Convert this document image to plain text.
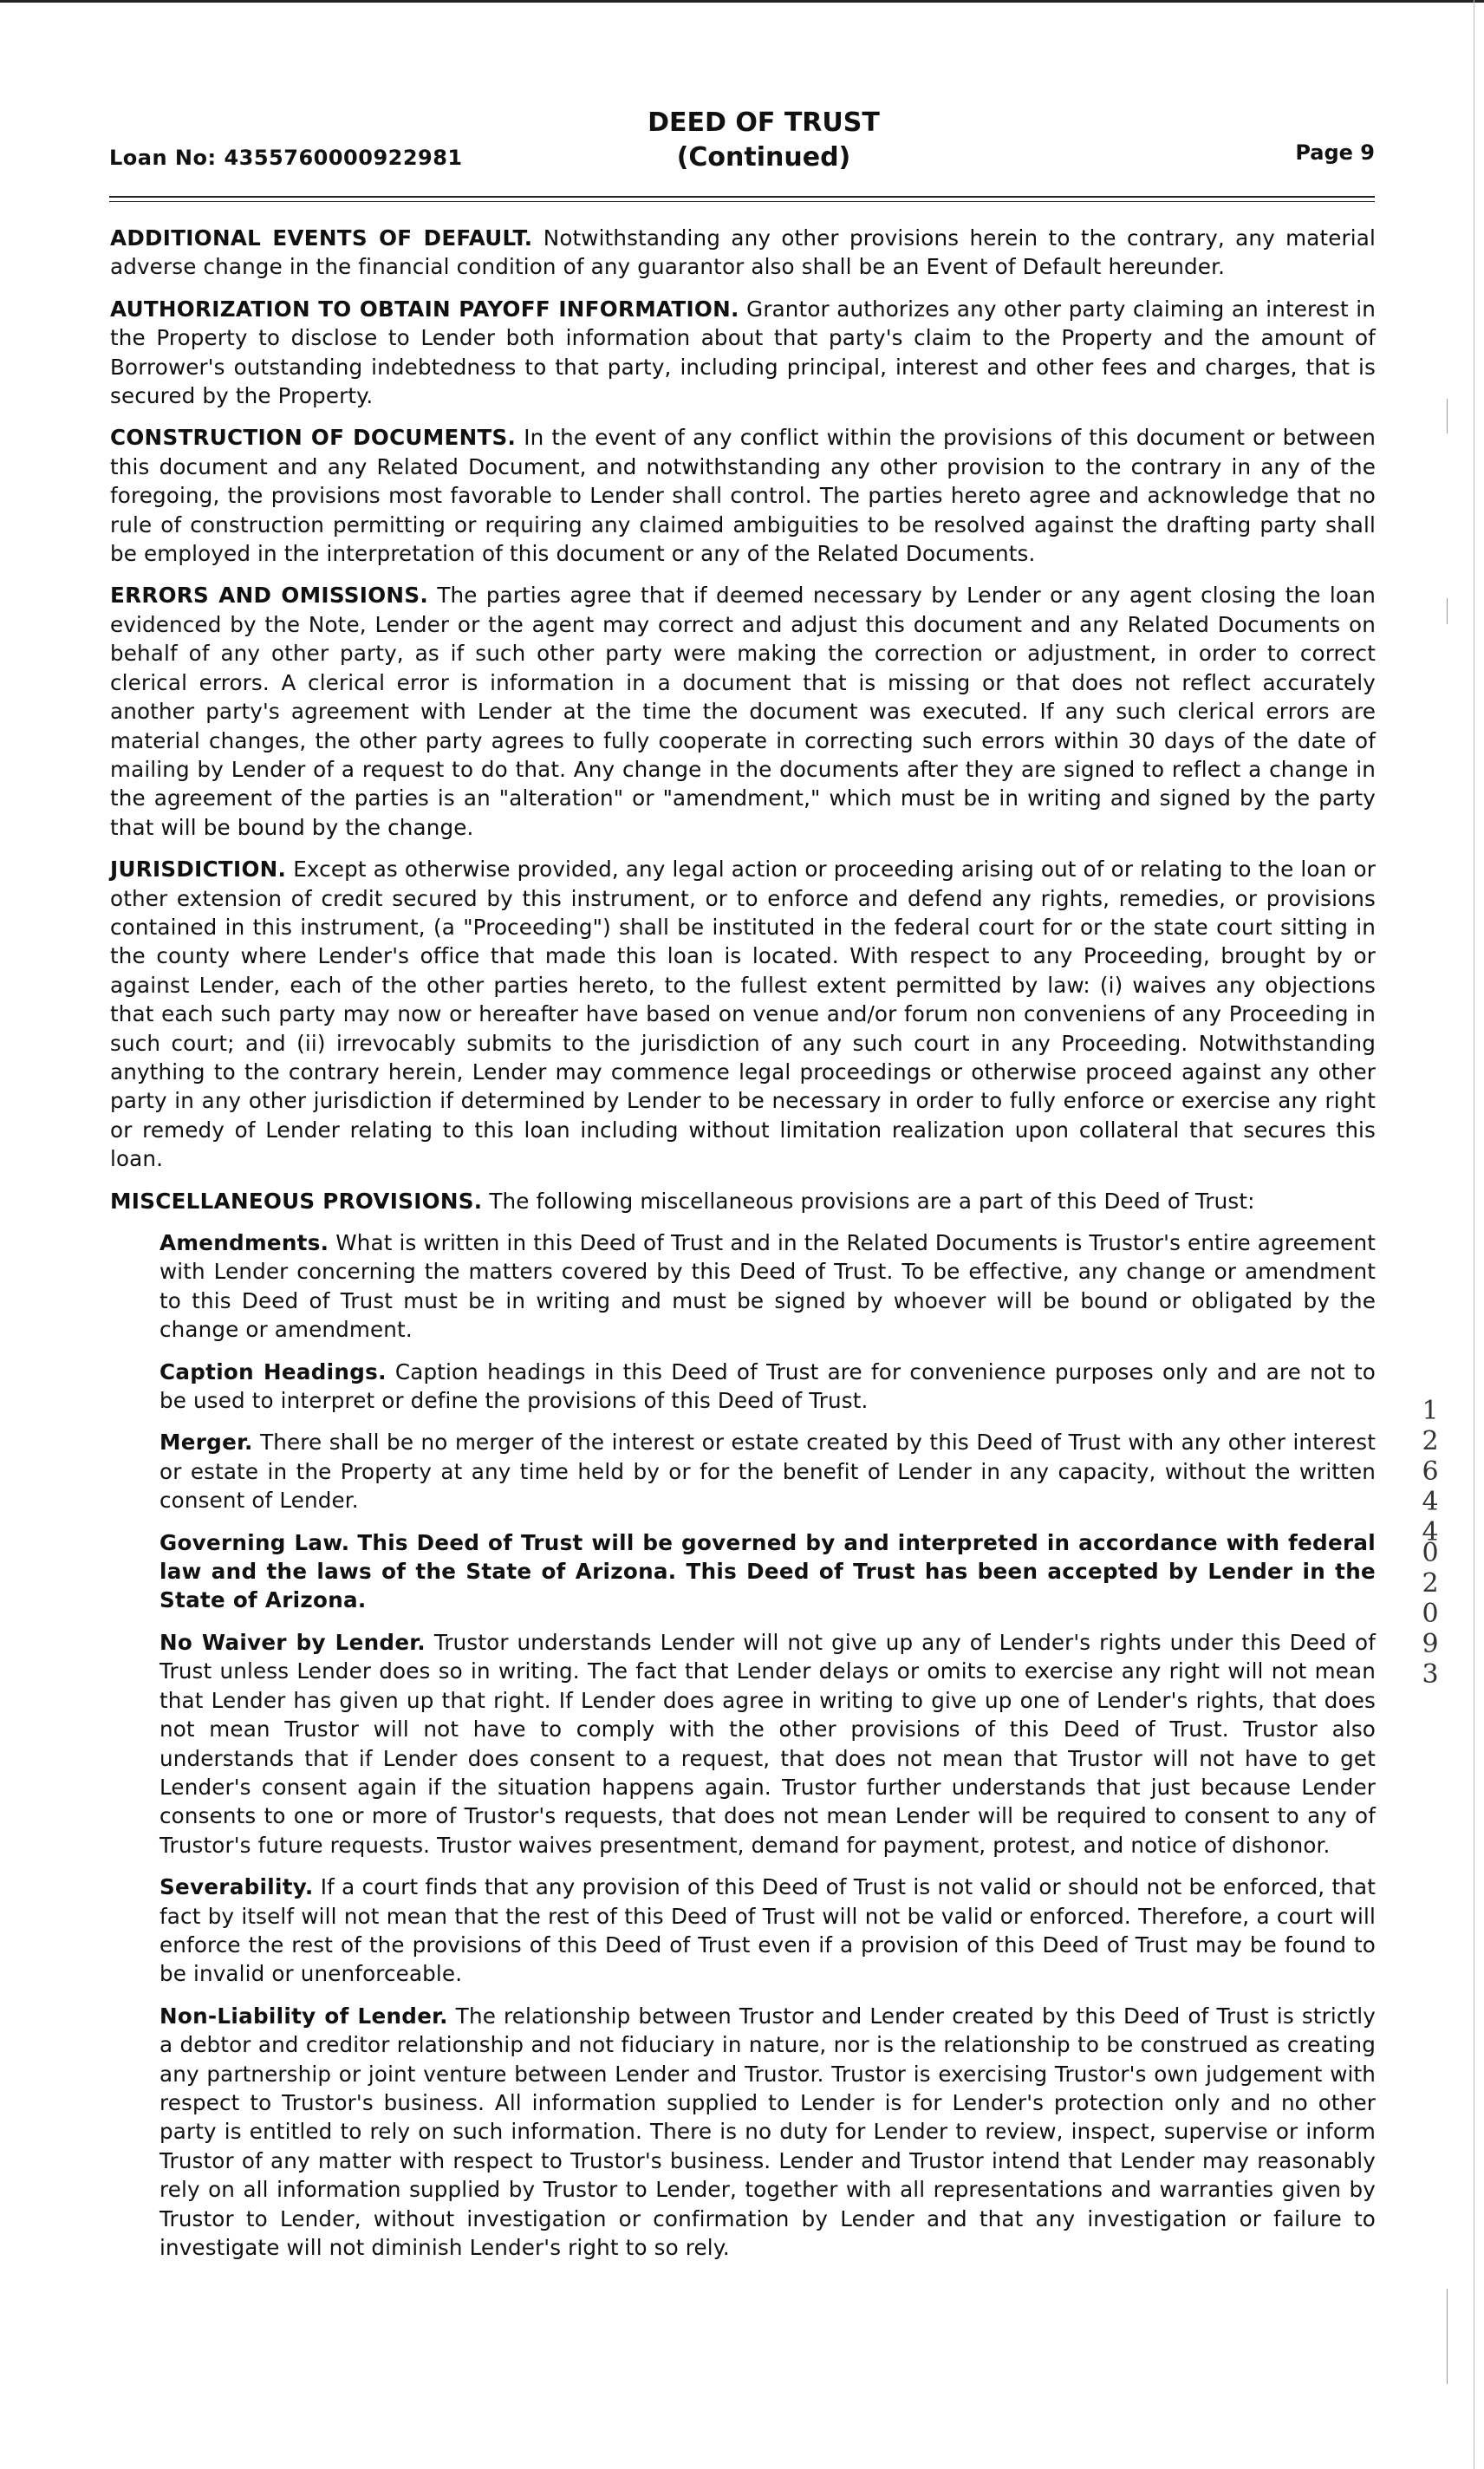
Loan No: 4355760000922981
DEED OF TRUST
(Continued)	Page 9

ADDITIONAL EVENTS OF DEFAULT. Notwithstanding any other provisions herein to the contrary, any material adverse change in the financial condition of any guarantor also shall be an Event of Default hereunder.

AUTHORIZATION TO OBTAIN PAYOFF INFORMATION. Grantor authorizes any other party claiming an interest in the Property to disclose to Lender both information about that party's claim to the Property and the amount of Borrower's outstanding indebtedness to that party, including principal, interest and other fees and charges, that is secured by the Property.

CONSTRUCTION OF DOCUMENTS. In the event of any conflict within the provisions of this document or between this document and any Related Document, and notwithstanding any other provision to the contrary in any of the foregoing, the provisions most favorable to Lender shall control. The parties hereto agree and acknowledge that no rule of construction permitting or requiring any claimed ambiguities to be resolved against the drafting party shall be employed in the interpretation of this document or any of the Related Documents.

ERRORS AND OMISSIONS. The parties agree that if deemed necessary by Lender or any agent closing the loan evidenced by the Note, Lender or the agent may correct and adjust this document and any Related Documents on behalf of any other party, as if such other party were making the correction or adjustment, in order to correct clerical errors. A clerical error is information in a document that is missing or that does not reflect accurately another party's agreement with Lender at the time the document was executed. If any such clerical errors are material changes, the other party agrees to fully cooperate in correcting such errors within 30 days of the date of mailing by Lender of a request to do that. Any change in the documents after they are signed to reflect a change in the agreement of the parties is an "alteration" or "amendment," which must be in writing and signed by the party that will be bound by the change.

JURISDICTION. Except as otherwise provided, any legal action or proceeding arising out of or relating to the loan or other extension of credit secured by this instrument, or to enforce and defend any rights, remedies, or provisions contained in this instrument, (a "Proceeding") shall be instituted in the federal court for or the state court sitting in the county where Lender's office that made this loan is located. With respect to any Proceeding, brought by or against Lender, each of the other parties hereto, to the fullest extent permitted by law: (i) waives any objections that each such party may now or hereafter have based on venue and/or forum non conveniens of any Proceeding in such court; and (ii) irrevocably submits to the jurisdiction of any such court in any Proceeding. Notwithstanding anything to the contrary herein, Lender may commence legal proceedings or otherwise proceed against any other party in any other jurisdiction if determined by Lender to be necessary in order to fully enforce or exercise any right or remedy of Lender relating to this loan including without limitation realization upon collateral that secures this loan.

MISCELLANEOUS PROVISIONS. The following miscellaneous provisions are a part of this Deed of Trust:

Amendments. What is written in this Deed of Trust and in the Related Documents is Trustor's entire agreement with Lender concerning the matters covered by this Deed of Trust. To be effective, any change or amendment to this Deed of Trust must be in writing and must be signed by whoever will be bound or obligated by the change or amendment.

Caption Headings. Caption headings in this Deed of Trust are for convenience purposes only and are not to be used to interpret or define the provisions of this Deed of Trust.

Merger. There shall be no merger of the interest or estate created by this Deed of Trust with any other interest or estate in the Property at any time held by or for the benefit of Lender in any capacity, without the written consent of Lender.

Governing Law. This Deed of Trust will be governed by and interpreted in accordance with federal law and the laws of the State of Arizona. This Deed of Trust has been accepted by Lender in the State of Arizona.

No Waiver by Lender. Trustor understands Lender will not give up any of Lender's rights under this Deed of Trust unless Lender does so in writing. The fact that Lender delays or omits to exercise any right will not mean that Lender has given up that right. If Lender does agree in writing to give up one of Lender's rights, that does not mean Trustor will not have to comply with the other provisions of this Deed of Trust. Trustor also understands that if Lender does consent to a request, that does not mean that Trustor will not have to get Lender's consent again if the situation happens again. Trustor further understands that just because Lender consents to one or more of Trustor's requests, that does not mean Lender will be required to consent to any of Trustor's future requests. Trustor waives presentment, demand for payment, protest, and notice of dishonor.

Severability. If a court finds that any provision of this Deed of Trust is not valid or should not be enforced, that fact by itself will not mean that the rest of this Deed of Trust will not be valid or enforced. Therefore, a court will enforce the rest of the provisions of this Deed of Trust even if a provision of this Deed of Trust may be found to be invalid or unenforceable.

Non-Liability of Lender. The relationship between Trustor and Lender created by this Deed of Trust is strictly a debtor and creditor relationship and not fiduciary in nature, nor is the relationship to be construed as creating any partnership or joint venture between Lender and Trustor. Trustor is exercising Trustor's own judgement with respect to Trustor's business. All information supplied to Lender is for Lender's protection only and no other party is entitled to rely on such information. There is no duty for Lender to review, inspect, supervise or inform Trustor of any matter with respect to Trustor's business. Lender and Trustor intend that Lender may reasonably rely on all information supplied by Trustor to Lender, together with all representations and warranties given by Trustor to Lender, without investigation or confirmation by Lender and that any investigation or failure to investigate will not diminish Lender's right to so rely.

12644
02093
